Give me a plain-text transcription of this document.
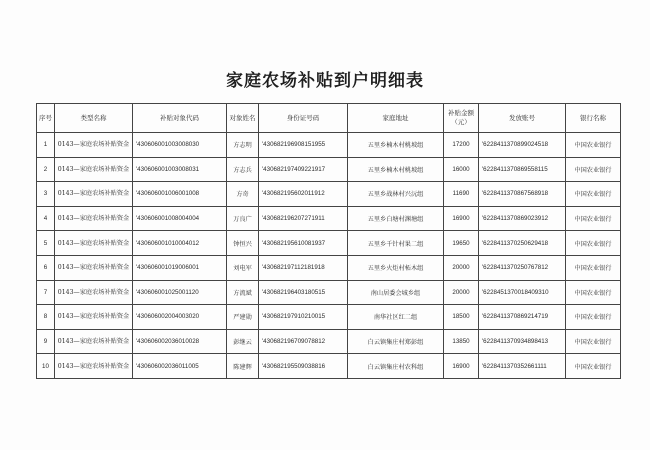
家庭农场补贴到户明细表
序号	类型名称	补贴对象代码	对象姓名	身份证号码	家庭地址	补贴金额（元）	发放账号	银行名称
1	0143—家庭农场补贴资金	'430606001003008030	方志明	'430682196908151955	五里乡楠木村桃坡组	17200	'6228411370899024518	中国农业银行
2	0143—家庭农场补贴资金	'430606001003008031	方志兵	'430682197409221917	五里乡楠木村桃坡组	16000	'6228411370869558115	中国农业银行
3	0143—家庭农场补贴资金	'430606001006001008	方奇	'430682195602011912	五里乡战林村兴沅组	11690	'6228411370867568918	中国农业银行
4	0143—家庭农场补贴资金	'430606001008004004	万良广	'430682196207271911	五里乡白塘村渊塘组	16900	'6228411370869023912	中国农业银行
5	0143—家庭农场补贴资金	'430606001010004012	钟恒兴	'430682195610081937	五里乡千针村果二组	19650	'6228411370250629418	中国农业银行
6	0143—家庭农场补贴资金	'430606001019006001	刘电军	'430682197112181918	五里乡火炬村柘木组	20000	'6228411370250767812	中国农业银行
7	0143—家庭农场补贴资金	'430606001025001120	方流斌	'430682196403180515	南山居委会城乡组	20000	'6228451370018409310	中国农业银行
8	0143—家庭农场补贴资金	'430606002004003020	严建勋	'430682197910210015	南华社区红二组	18500	'6228411370869214719	中国农业银行
9	0143—家庭农场补贴资金	'430606002036010028	彭继云	'430682196709078812	白云镇集庄村郑彭组	13850	'6228411370934898413	中国农业银行
10	0143—家庭农场补贴资金	'430606002036011005	陈建辉	'430682195509038816	白云镇集庄村农科组	16900	'6228411370352661111	中国农业银行
